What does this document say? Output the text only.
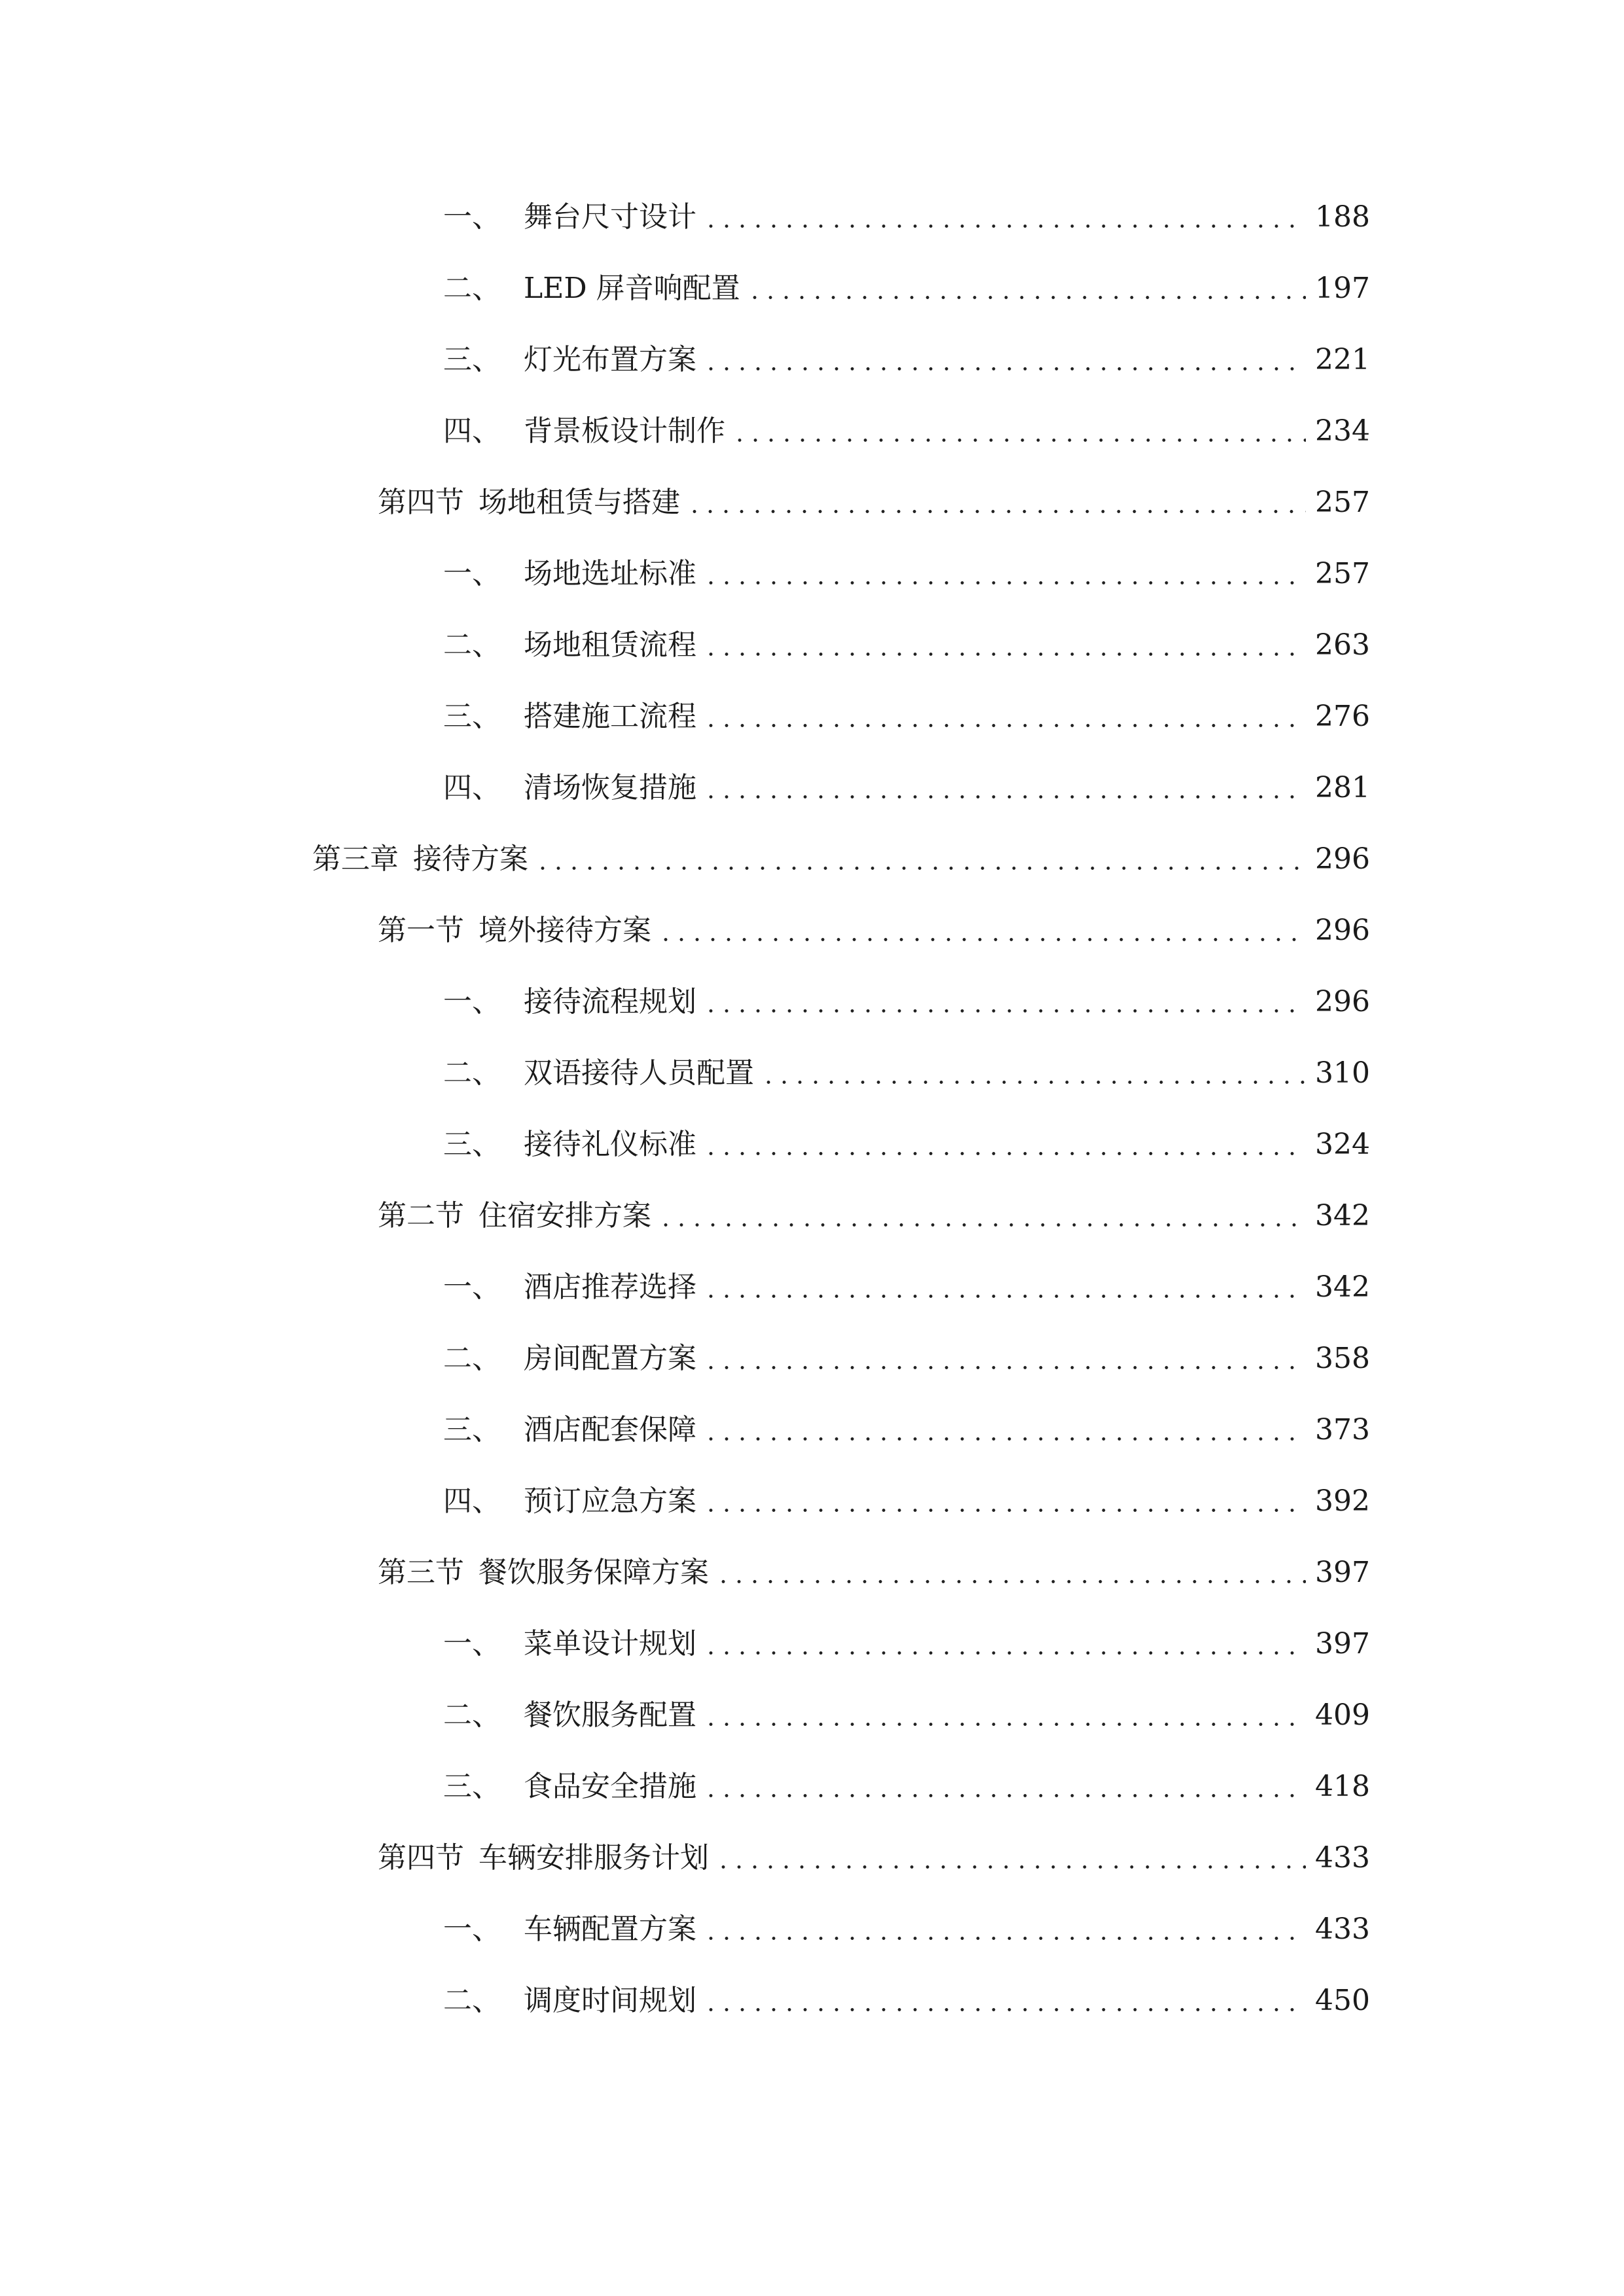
一、 舞台尺寸设计	188
二、 LED 屏音响配置	197
三、 灯光布置方案	221
四、 背景板设计制作	234
第四节 场地租赁与搭建	257
一、 场地选址标准	257
二、 场地租赁流程	263
三、 搭建施工流程	276
四、 清场恢复措施	281
第三章 接待方案	296
第一节 境外接待方案	296
一、 接待流程规划	296
二、 双语接待人员配置	310
三、 接待礼仪标准	324
第二节 住宿安排方案	342
一、 酒店推荐选择	342
二、 房间配置方案	358
三、 酒店配套保障	373
四、 预订应急方案	392
第三节 餐饮服务保障方案	397
一、 菜单设计规划	397
二、 餐饮服务配置	409
三、 食品安全措施	418
第四节 车辆安排服务计划	433
一、 车辆配置方案	433
二、 调度时间规划	450
